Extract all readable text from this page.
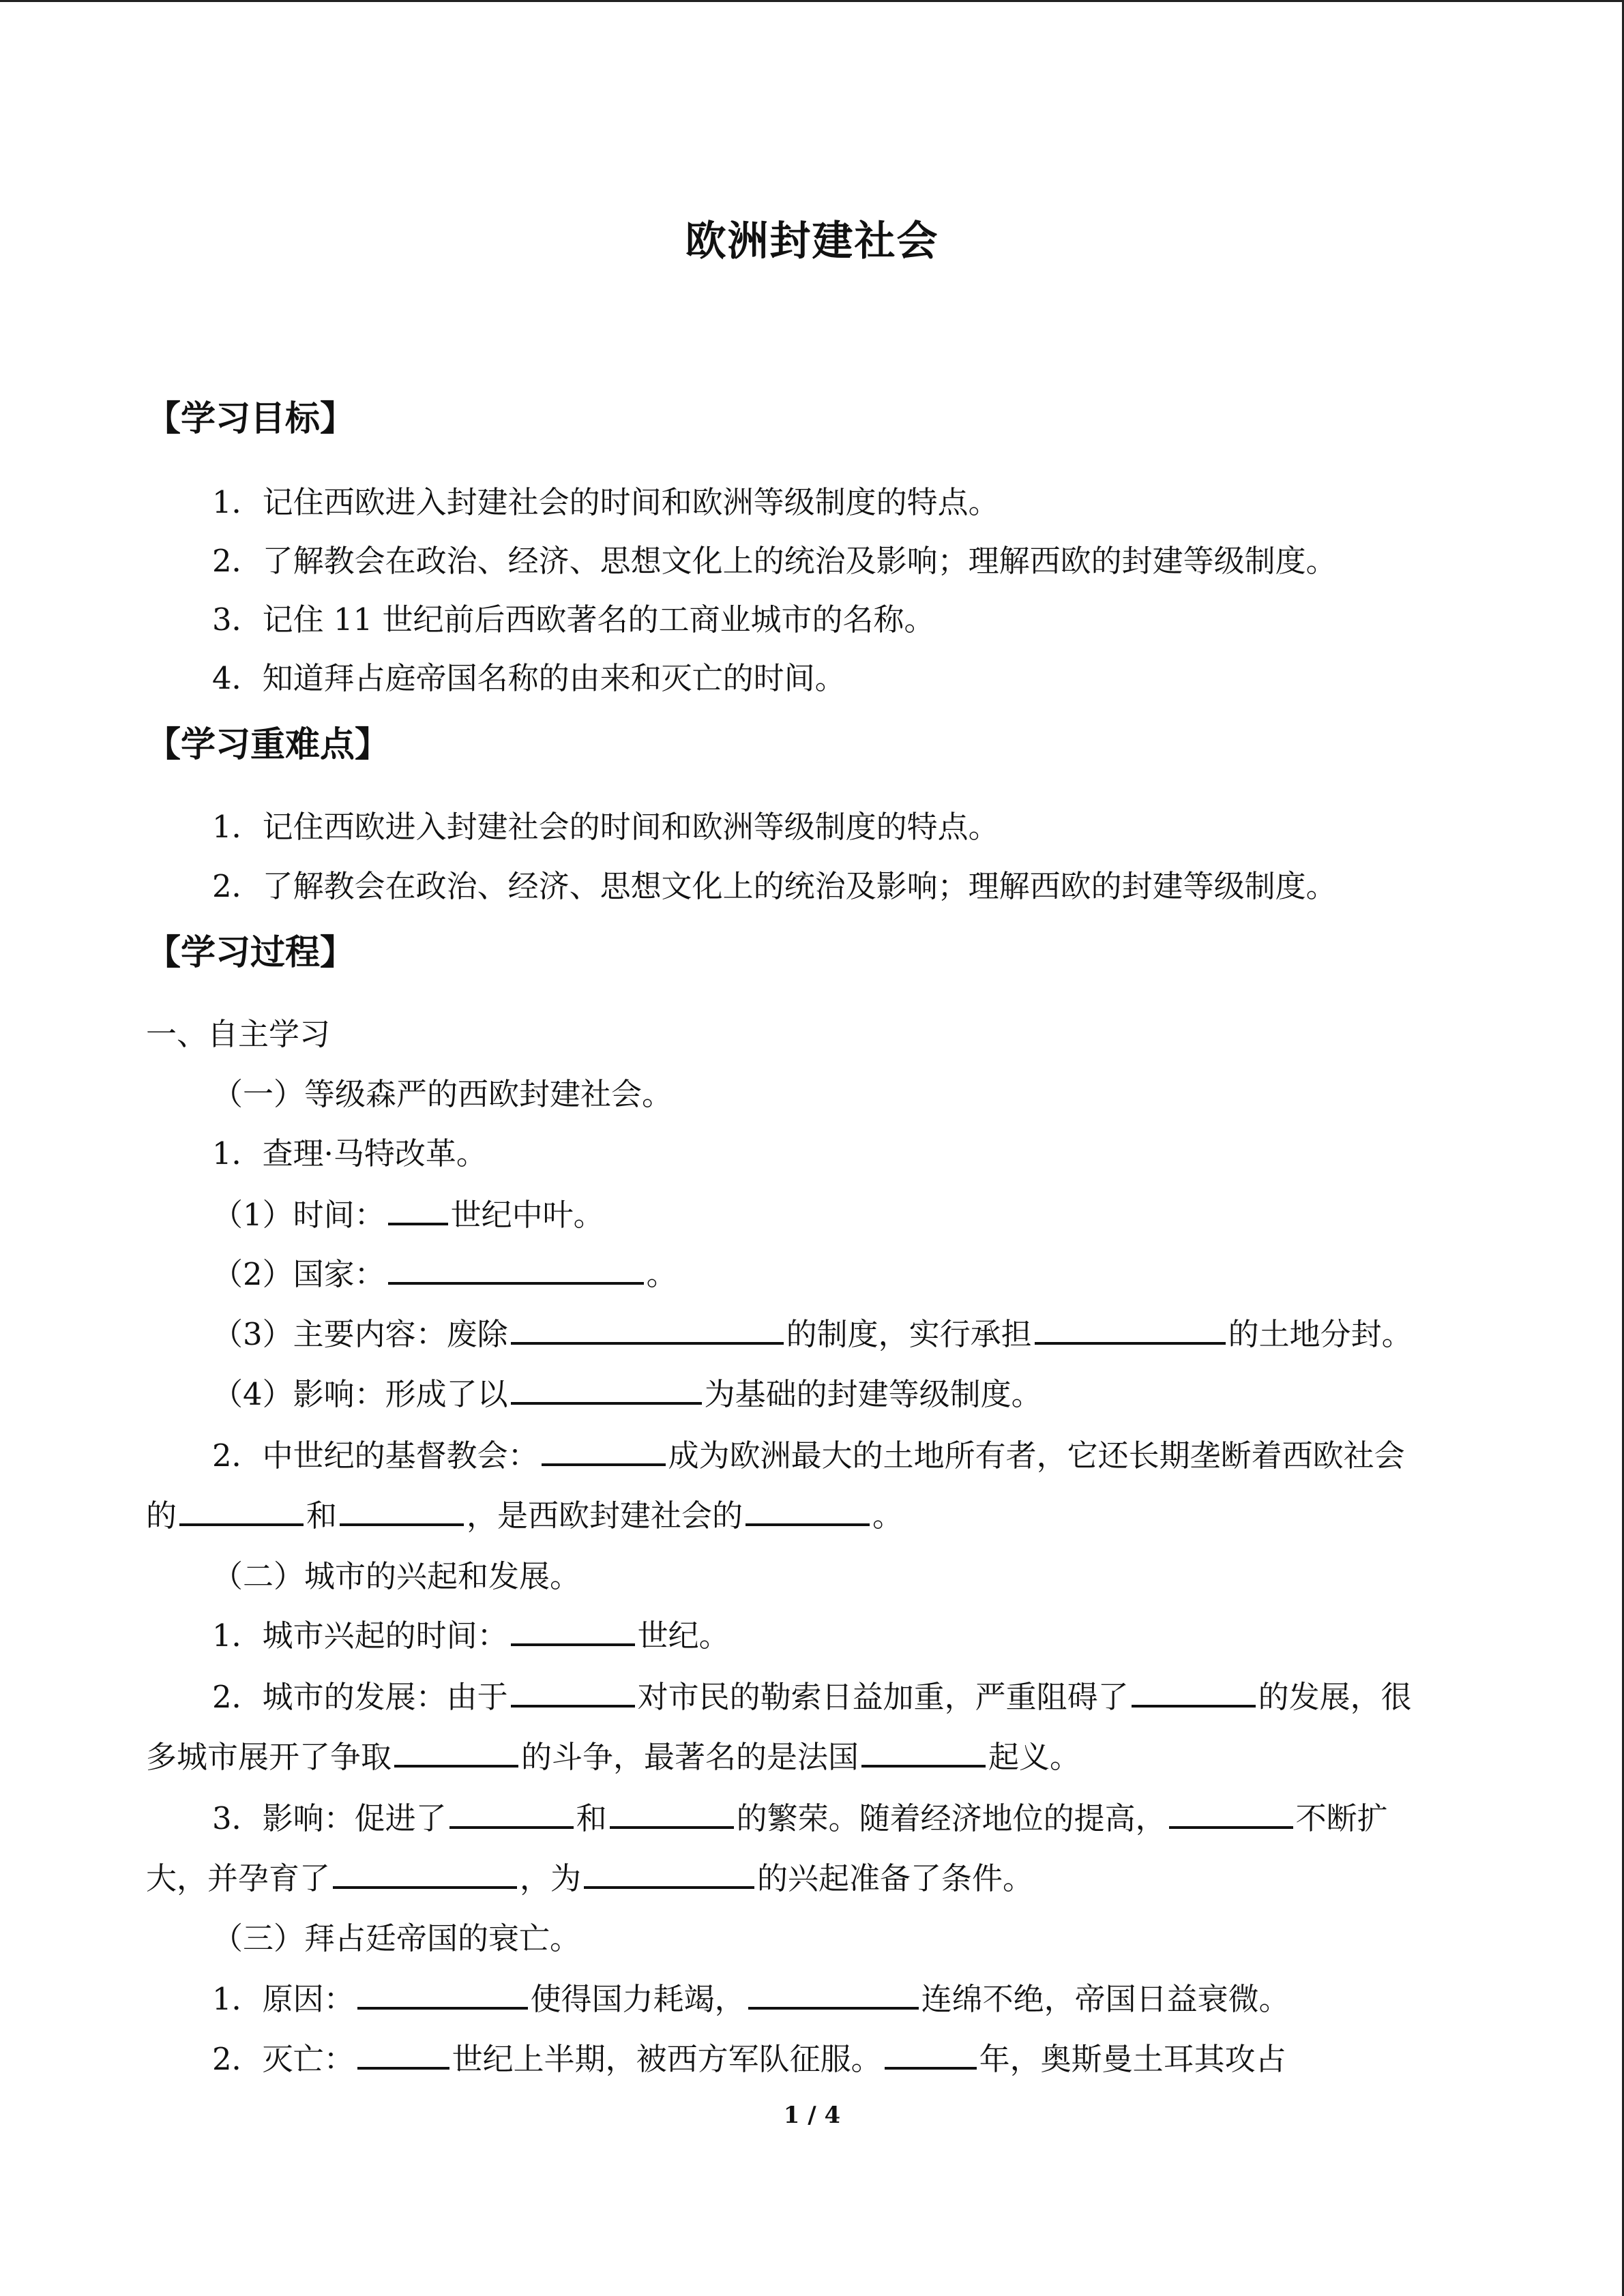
欧洲封建社会
【学习目标】
1．记住西欧进入封建社会的时间和欧洲等级制度的特点。
2．了解教会在政治、经济、思想文化上的统治及影响；理解西欧的封建等级制度。
3．记住 11 世纪前后西欧著名的工商业城市的名称。
4．知道拜占庭帝国名称的由来和灭亡的时间。
【学习重难点】
1．记住西欧进入封建社会的时间和欧洲等级制度的特点。
2．了解教会在政治、经济、思想文化上的统治及影响；理解西欧的封建等级制度。
【学习过程】
一、自主学习
（一）等级森严的西欧封建社会。
1．查理·马特改革。
（1）时间： 世纪中叶。
（2）国家：	。
（3）主要内容：废除	的制度，实行承担	的土地分封。
（4）影响：形成了以	为基础的封建等级制度。
2．中世纪的基督教会：	成为欧洲最大的土地所有者，它还长期垄断着西欧社会
的	和	，是西欧封建社会的	。
（二）城市的兴起和发展。
1．城市兴起的时间：	世纪。
2．城市的发展：由于	对市民的勒索日益加重，严重阻碍了	的发展，很
多城市展开了争取	的斗争，最著名的是法国	起义。
3．影响：促进了	和	的繁荣。随着经济地位的提高，	不断扩
大，并孕育了	，为	的兴起准备了条件。
（三）拜占廷帝国的衰亡。
1．原因：	使得国力耗竭，	连绵不绝，帝国日益衰微。
2．灭亡：	世纪上半期，被西方军队征服。	年，奥斯曼土耳其攻占
1 / 4
